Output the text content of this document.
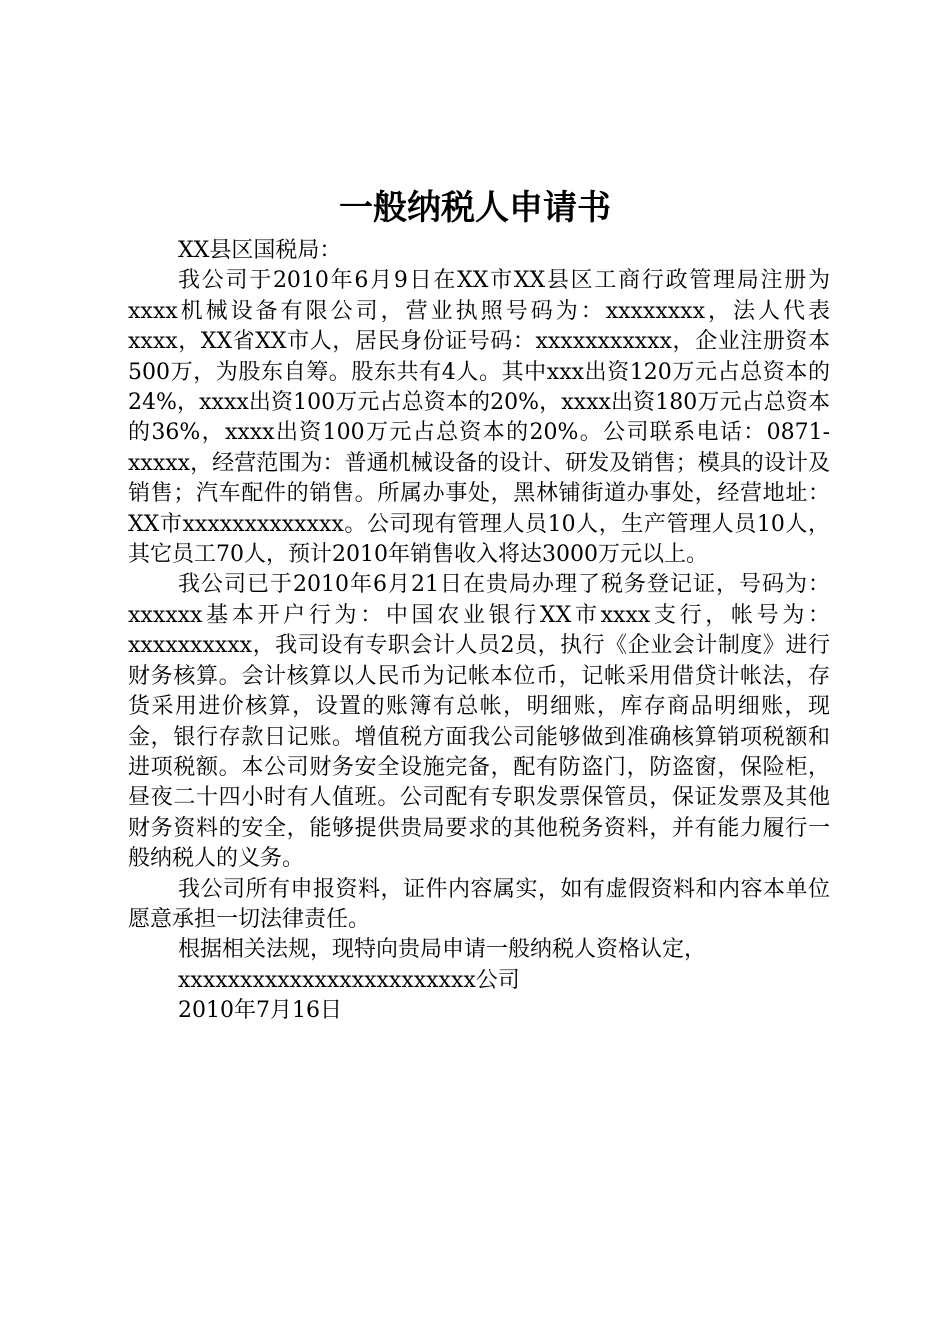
一般纳税人申请书

XX县区国税局：

我公司于2010年6月9日在XX市XX县区工商行政管理局注册为xxxx机械设备有限公司，营业执照号码为：xxxxxxxx，法人代表xxxx，XX省XX市人，居民身份证号码：xxxxxxxxxxx，企业注册资本500万，为股东自筹。股东共有4人。其中xxx出资120万元占总资本的24%，xxxx出资100万元占总资本的20%，xxxx出资180万元占总资本的36%，xxxx出资100万元占总资本的20%。公司联系电话：0871-xxxxx，经营范围为：普通机械设备的设计、研发及销售；模具的设计及销售；汽车配件的销售。所属办事处，黑林铺街道办事处，经营地址：XX市xxxxxxxxxxxxx。公司现有管理人员10人，生产管理人员10人，其它员工70人，预计2010年销售收入将达3000万元以上。

我公司已于2010年6月21日在贵局办理了税务登记证，号码为：xxxxxx基本开户行为：中国农业银行XX市xxxx支行，帐号为：xxxxxxxxxx，我司设有专职会计人员2员，执行《企业会计制度》进行财务核算。会计核算以人民币为记帐本位币，记帐采用借贷计帐法，存货采用进价核算，设置的账簿有总帐，明细账，库存商品明细账，现金，银行存款日记账。增值税方面我公司能够做到准确核算销项税额和进项税额。本公司财务安全设施完备，配有防盗门，防盗窗，保险柜，昼夜二十四小时有人值班。公司配有专职发票保管员，保证发票及其他财务资料的安全，能够提供贵局要求的其他税务资料，并有能力履行一般纳税人的义务。

我公司所有申报资料，证件内容属实，如有虚假资料和内容本单位愿意承担一切法律责任。

根据相关法规，现特向贵局申请一般纳税人资格认定，

xxxxxxxxxxxxxxxxxxxxxxxx公司

2010年7月16日
